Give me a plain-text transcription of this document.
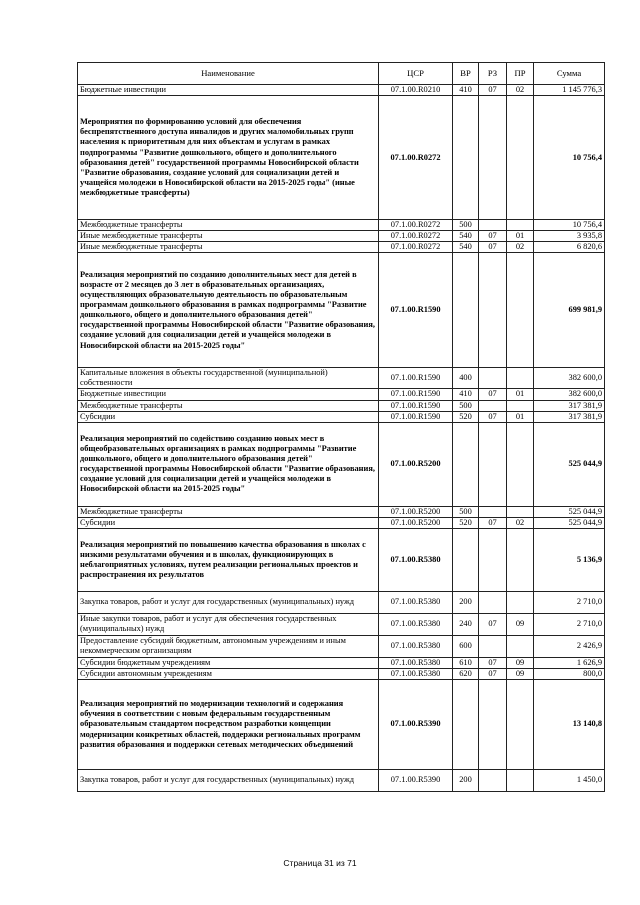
Наименование	ЦСР	ВР	РЗ	ПР	Сумма
Бюджетные инвестиции	07.1.00.R0210	410	07	02	1 145 776,3
Мероприятия по формированию условий для обеспечения беспрепятственного доступа инвалидов и других маломобильных групп населения к приоритетным для них объектам и услугам в рамках подпрограммы "Развитие дошкольного, общего и дополнительного образования детей" государственной программы Новосибирской области "Развитие образования, создание условий для социализации детей и учащейся молодежи в Новосибирской области на 2015-2025 годы" (иные межбюджетные трансферты)	07.1.00.R0272				10 756,4
Межбюджетные трансферты	07.1.00.R0272	500			10 756,4
Иные межбюджетные трансферты	07.1.00.R0272	540	07	01	3 935,8
Иные межбюджетные трансферты	07.1.00.R0272	540	07	02	6 820,6
Реализация мероприятий по созданию дополнительных мест для детей в возрасте от 2 месяцев до 3 лет в образовательных организациях, осуществляющих образовательную деятельность по образовательным программам дошкольного образования в рамках подпрограммы "Развитие дошкольного, общего и дополнительного образования детей" государственной программы Новосибирской области "Развитие образования, создание условий для социализации детей и учащейся молодежи в Новосибирской области на 2015-2025 годы"	07.1.00.R1590				699 981,9
Капитальные вложения в объекты государственной (муниципальной) собственности	07.1.00.R1590	400			382 600,0
Бюджетные инвестиции	07.1.00.R1590	410	07	01	382 600,0
Межбюджетные трансферты	07.1.00.R1590	500			317 381,9
Субсидии	07.1.00.R1590	520	07	01	317 381,9
Реализация мероприятий по содействию созданию новых мест в общеобразовательных организациях в рамках подпрограммы "Развитие дошкольного, общего и дополнительного образования детей" государственной программы Новосибирской области "Развитие образования, создание условий для социализации детей и учащейся молодежи в Новосибирской области на 2015-2025 годы"	07.1.00.R5200				525 044,9
Межбюджетные трансферты	07.1.00.R5200	500			525 044,9
Субсидии	07.1.00.R5200	520	07	02	525 044,9
Реализация мероприятий по повышению качества образования в школах с низкими результатами обучения и в школах, функционирующих в неблагоприятных условиях, путем реализации региональных проектов и распространения их результатов	07.1.00.R5380				5 136,9
Закупка товаров, работ и услуг для государственных (муниципальных) нужд	07.1.00.R5380	200			2 710,0
Иные закупки товаров, работ и услуг для обеспечения государственных (муниципальных) нужд	07.1.00.R5380	240	07	09	2 710,0
Предоставление субсидий бюджетным, автономным учреждениям и иным некоммерческим организациям	07.1.00.R5380	600			2 426,9
Субсидии бюджетным учреждениям	07.1.00.R5380	610	07	09	1 626,9
Субсидии автономным учреждениям	07.1.00.R5380	620	07	09	800,0
Реализация мероприятий по модернизации технологий и содержания обучения в соответствии с новым федеральным государственным образовательным стандартом посредством разработки концепции модернизации конкретных областей, поддержки региональных программ развития образования и поддержки сетевых методических объединений	07.1.00.R5390				13 140,8
Закупка товаров, работ и услуг для государственных (муниципальных) нужд	07.1.00.R5390	200			1 450,0
Страница 31 из 71
